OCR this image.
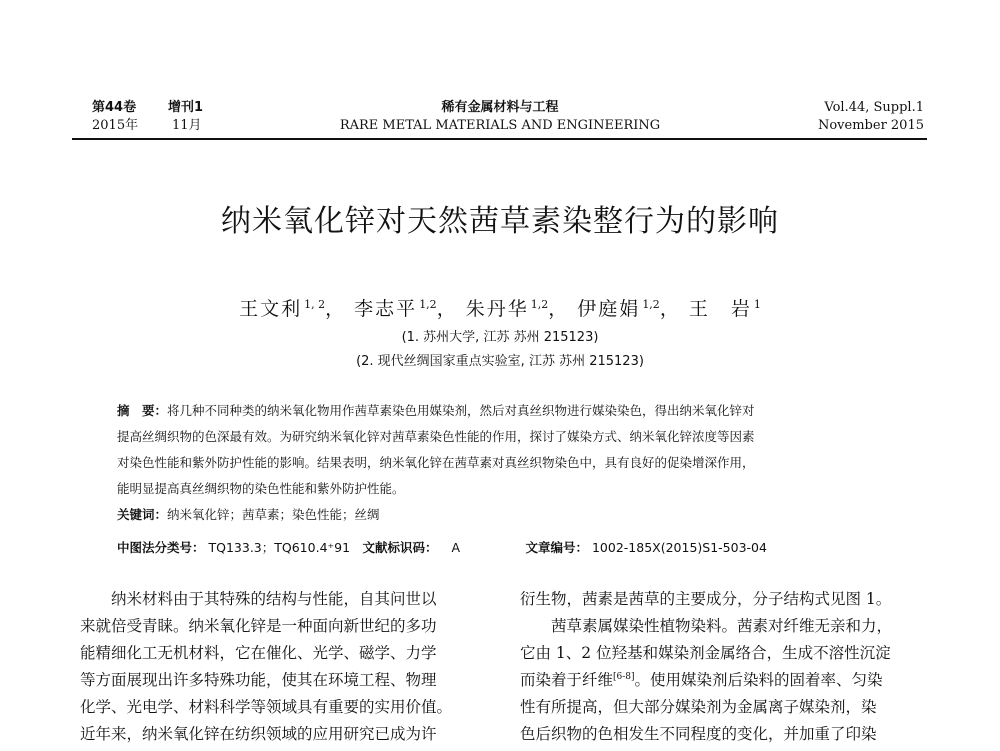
第44卷 增刊1
2015年	11月
稀有金属材料与工程
RARE METAL MATERIALS AND ENGINEERING
Vol.44, Suppl.1
November 2015
纳米氧化锌对天然茜草素染整行为的影响
王文利 $^{1, 2}$， 李志平 $^{1,2}$， 朱丹华 $^{1,2}$， 伊庭娟 $^{1,2}$， 王　岩 $^1$
(1. 苏州大学, 江苏 苏州 215123)
(2. 现代丝绸国家重点实验室, 江苏 苏州 215123)
摘　要：将几种不同种类的纳米氧化物用作茜草素染色用媒染剂，然后对真丝织物进行媒染染色，得出纳米氧化锌对
提高丝绸织物的色深最有效。为研究纳米氧化锌对茜草素染色性能的作用，探讨了媒染方式、纳米氧化锌浓度等因素
对染色性能和紫外防护性能的影响。结果表明，纳米氧化锌在茜草素对真丝织物染色中，具有良好的促染增深作用，
能明显提高真丝绸织物的染色性能和紫外防护性能。
关键词：纳米氧化锌；茜草素；染色性能；丝绸
中图法分类号： TQ133.3；TQ610.4⁺91 文献标识码： A	文章编号： 1002-185X(2015)S1-503-04
　　纳米材料由于其特殊的结构与性能，自其问世以
来就倍受青睐。纳米氧化锌是一种面向新世纪的多功
能精细化工无机材料，它在催化、光学、磁学、力学
等方面展现出许多特殊功能，使其在环境工程、物理
化学、光电学、材料科学等领域具有重要的实用价值。
近年来，纳米氧化锌在纺织领域的应用研究已成为许
衍生物，茜素是茜草的主要成分，分子结构式见图 1。
　　茜草素属媒染性植物染料。茜素对纤维无亲和力，
它由 1、2 位羟基和媒染剂金属络合，生成不溶性沉淀
而染着于纤维[6-8]。使用媒染剂后染料的固着率、匀染
性有所提高，但大部分媒染剂为金属离子媒染剂，染
色后织物的色相发生不同程度的变化，并加重了印染
